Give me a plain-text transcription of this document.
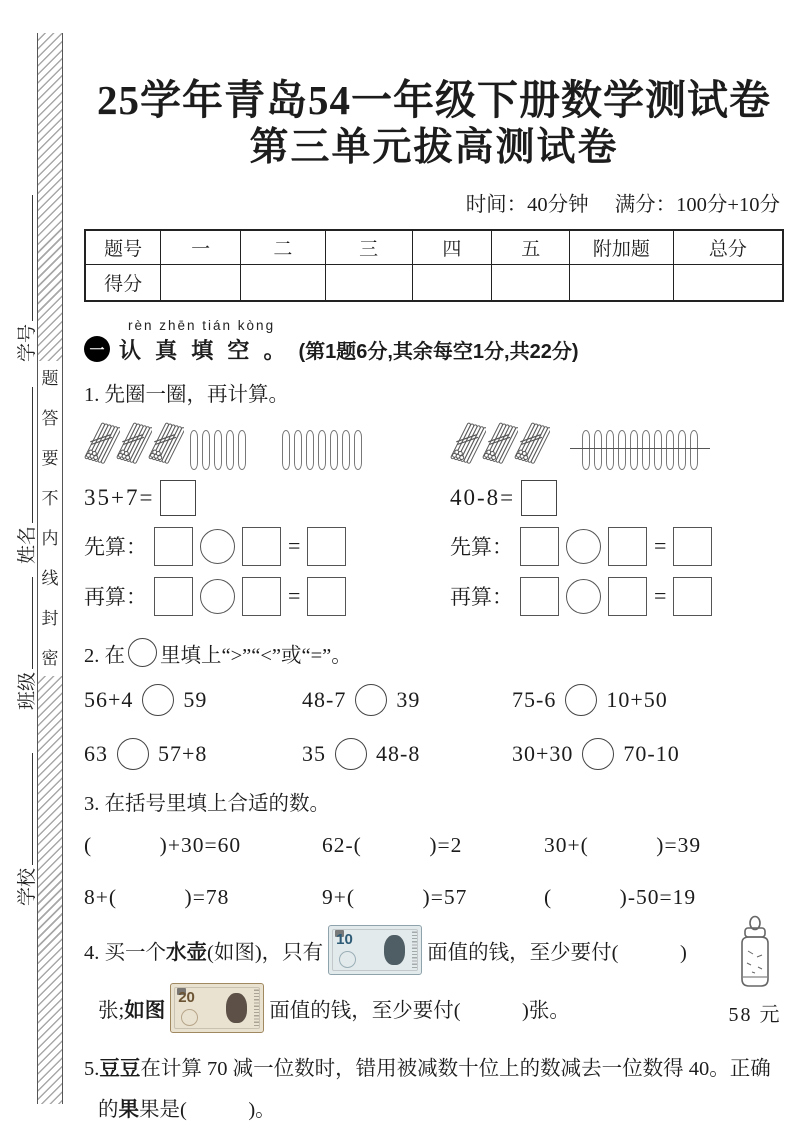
题
答
要
不
内
线
封
密
学号
姓名
班级
学校
25学年青岛54一年级下册数学测试卷
第三单元拔高测试卷
时间：40分钟 满分：100分+10分
题号	一	二	三	四	五	附加题	总分
得分							
rèn zhēn tián kòng
一 认 真 填 空 。 (第1题6分,其余每空1分,共22分)
1. 先圈一圈，再计算。
35+7=	40-8=
先算：	=	先算：	=
再算：	=	再算：	=
2. 在 里填上“>”“<”或“=”。
56+4 59	48-7 39	75-6 10+50
63 57+8	35 48-8	30+30 70-10
3. 在括号里填上合适的数。
(　　　)+30=60	62-(　　　)=2	30+(　　　)=39
8+(　　　)=78	9+(　　　)=57	(　　　)-50=19
4. 买一个 水壶 (如图)，只有
10
面值的钱，至少要付(　　　)
张; 如图
20
面值的钱，至少要付(　　　)张。	58 元
5.豆豆在计算 70 减一位数时，错用被减数十位上的数减去一位数得 40。正确
的果果是(　　　)。
